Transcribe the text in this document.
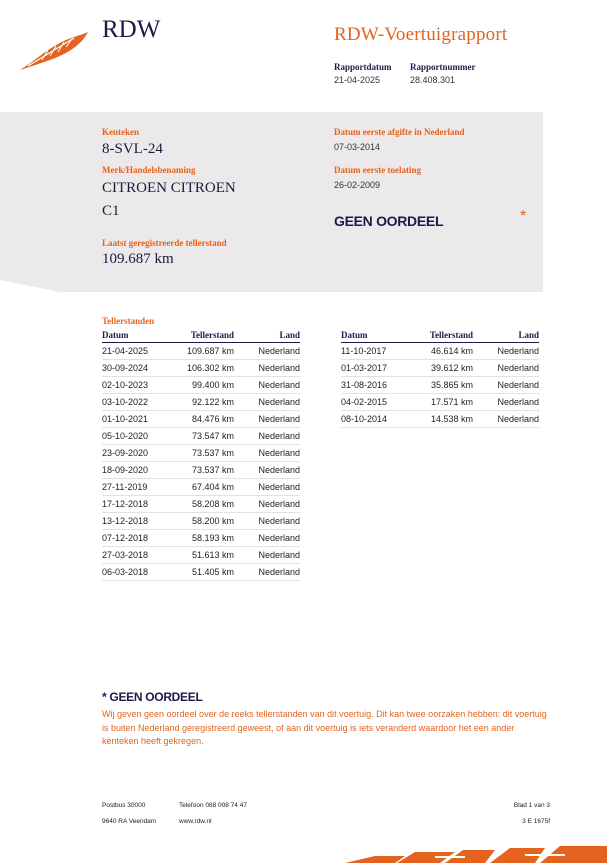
RDW	RDW-Voertuigrapport
Rapportdatum
21-04-2025
Rapportnummer
28.408.301
Kenteken
8-SVL-24
Merk/Handelsbenaming
CITROEN CITROEN
C1
Laatst geregistreerde tellerstand
109.687 km
Datum eerste afgifte in Nederland
07-03-2014
Datum eerste toelating
26-02-2009
GEEN OORDEEL	*
Tellerstanden
Datum	Tellerstand	Land
21-04-2025	109.687 km	Nederland
30-09-2024	106.302 km	Nederland
02-10-2023	99.400 km	Nederland
03-10-2022	92.122 km	Nederland
01-10-2021	84.476 km	Nederland
05-10-2020	73.547 km	Nederland
23-09-2020	73.537 km	Nederland
18-09-2020	73.537 km	Nederland
27-11-2019	67.404 km	Nederland
17-12-2018	58.208 km	Nederland
13-12-2018	58.200 km	Nederland
07-12-2018	58.193 km	Nederland
27-03-2018	51.613 km	Nederland
06-03-2018	51.405 km	Nederland
Datum	Tellerstand	Land
11-10-2017	46.614 km	Nederland
01-03-2017	39.612 km	Nederland
31-08-2016	35.865 km	Nederland
04-02-2015	17.571 km	Nederland
08-10-2014	14.538 km	Nederland
* GEEN OORDEEL
Wij geven geen oordeel over de reeks tellerstanden van dit voertuig. Dit kan twee oorzaken hebben: dit voertuig is buiten Nederland geregistreerd geweest, of aan dit voertuig is iets veranderd waardoor het een ander kenteken heeft gekregen.
Postbus 30000
9640 RA Veendam
Telefoon 088 008 74 47
www.rdw.nl
Blad 1 van 3
3 E 1675f
